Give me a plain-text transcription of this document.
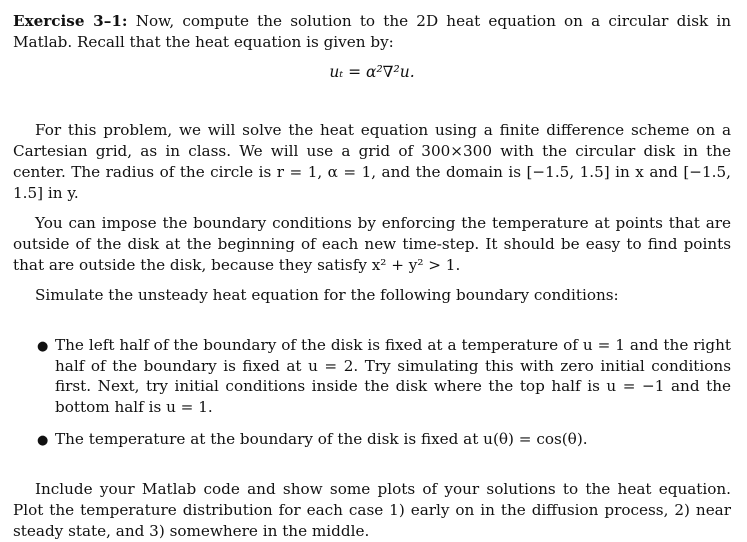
Exercise 3–1: Now, compute the solution to the 2D heat equation on a circular disk in Matlab. Recall that the heat equation is given by:

uₜ = α²∇²u.

For this problem, we will solve the heat equation using a finite difference scheme on a Cartesian grid, as in class. We will use a grid of 300×300 with the circular disk in the center. The radius of the circle is r = 1, α = 1, and the domain is [−1.5, 1.5] in x and [−1.5, 1.5] in y.

You can impose the boundary conditions by enforcing the temperature at points that are outside of the disk at the beginning of each new time-step. It should be easy to find points that are outside the disk, because they satisfy x² + y² > 1.

Simulate the unsteady heat equation for the following boundary conditions:

● The left half of the boundary of the disk is fixed at a temperature of u = 1 and the right half of the boundary is fixed at u = 2. Try simulating this with zero initial conditions first. Next, try initial conditions inside the disk where the top half is u = −1 and the bottom half is u = 1.
● The temperature at the boundary of the disk is fixed at u(θ) = cos(θ).

Include your Matlab code and show some plots of your solutions to the heat equation. Plot the temperature distribution for each case 1) early on in the diffusion process, 2) near steady state, and 3) somewhere in the middle.
